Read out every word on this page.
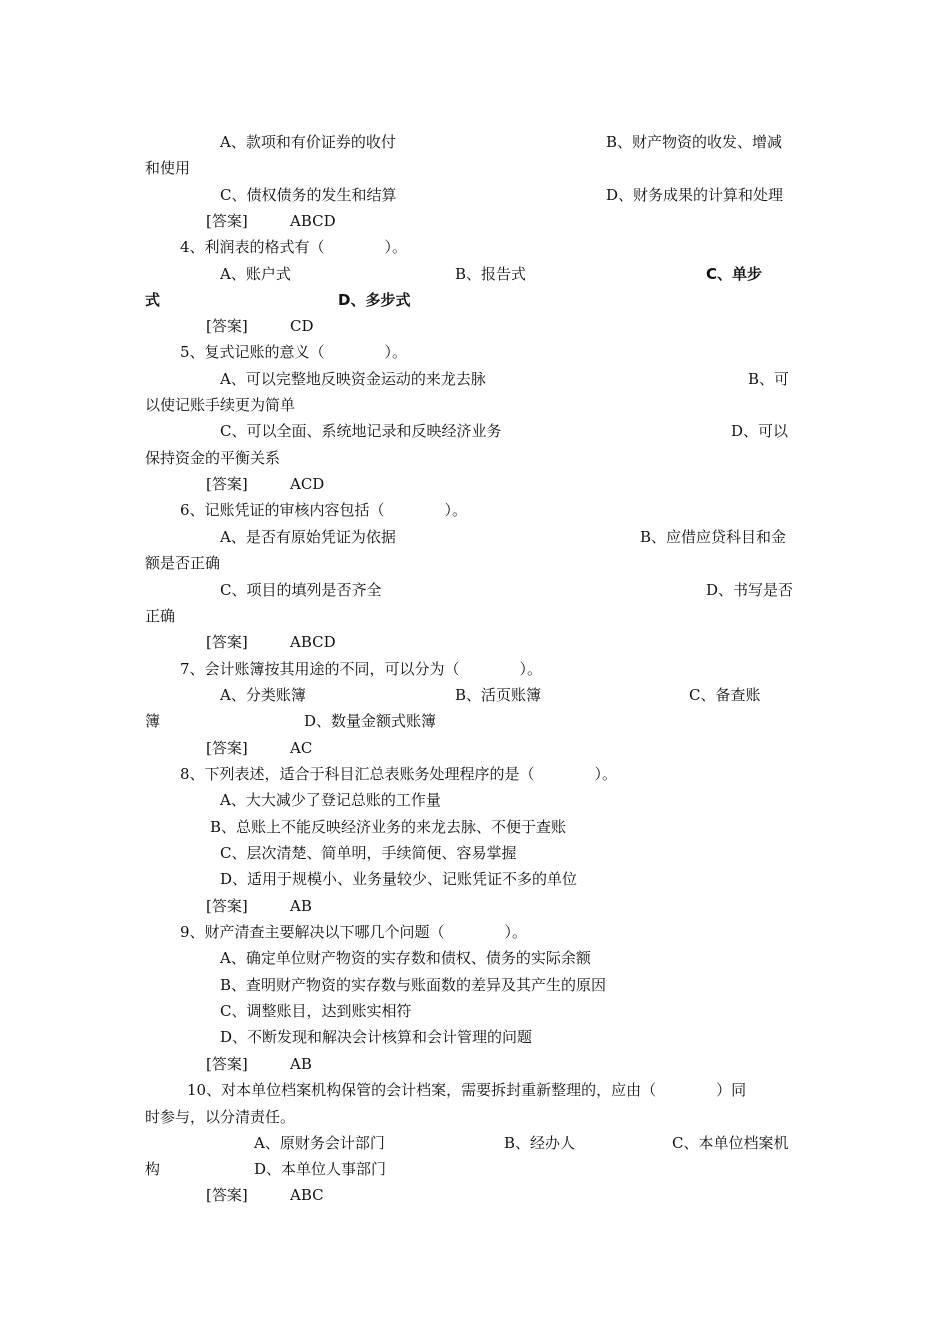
A、款项和有价证券的收付	B、财产物资的收发、增减
和使用
C、债权债务的发生和结算	D、财务成果的计算和处理
[答案]	ABCD
4、利润表的格式有（　　　　）。
A、账户式	B、报告式	C、单步
式	D、多步式
[答案]	CD
5、复式记账的意义（　　　　）。
A、可以完整地反映资金运动的来龙去脉	B、可
以使记账手续更为简单
C、可以全面、系统地记录和反映经济业务	D、可以
保持资金的平衡关系
[答案]	ACD
6、记账凭证的审核内容包括（　　　　）。
A、是否有原始凭证为依据	B、应借应贷科目和金
额是否正确
C、项目的填列是否齐全	D、书写是否
正确
[答案]	ABCD
7、会计账簿按其用途的不同，可以分为（　　　　）。
A、分类账簿	B、活页账簿	C、备查账
簿	D、数量金额式账簿
[答案]	AC
8、下列表述，适合于科目汇总表账务处理程序的是（　　　　）。
A、大大减少了登记总账的工作量
B、总账上不能反映经济业务的来龙去脉、不便于查账
C、层次清楚、简单明，手续简便、容易掌握
D、适用于规模小、业务量较少、记账凭证不多的单位
[答案]	AB
9、财产清查主要解决以下哪几个问题（　　　　）。
A、确定单位财产物资的实存数和债权、债务的实际余额
B、查明财产物资的实存数与账面数的差异及其产生的原因
C、调整账目，达到账实相符
D、不断发现和解决会计核算和会计管理的问题
[答案]	AB
10、对本单位档案机构保管的会计档案，需要拆封重新整理的，应由（　　　　）同
时参与，以分清责任。
A、原财务会计部门	B、经办人	C、本单位档案机
构	D、本单位人事部门
[答案]	ABC
